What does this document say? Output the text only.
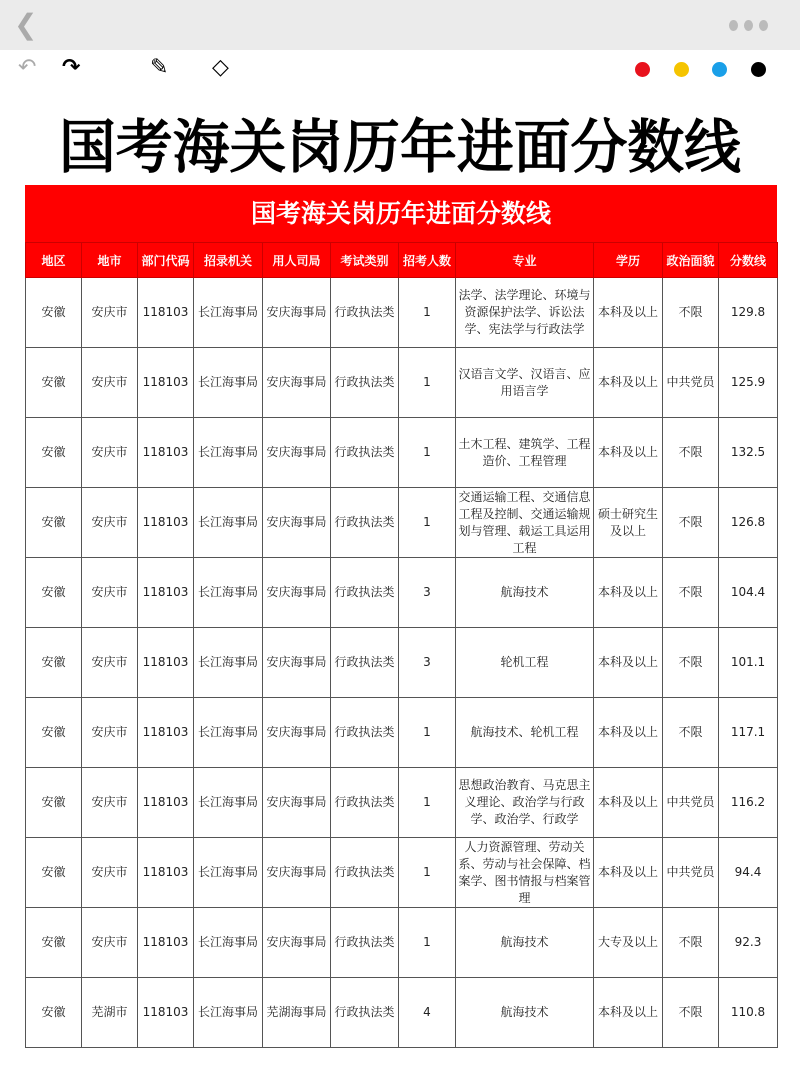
❮
↶ ↷	✎ ◇
国考海关岗历年进面分数线
国考海关岗历年进面分数线
地区	地市	部门代码	招录机关	用人司局	考试类别	招考人数	专业	学历	政治面貌	分数线
安徽	安庆市	118103	长江海事局	安庆海事局	行政执法类	1	法学、法学理论、环境与资源保护法学、诉讼法学、宪法学与行政法学	本科及以上	不限	129.8
安徽	安庆市	118103	长江海事局	安庆海事局	行政执法类	1	汉语言文学、汉语言、应用语言学	本科及以上	中共党员	125.9
安徽	安庆市	118103	长江海事局	安庆海事局	行政执法类	1	土木工程、建筑学、工程造价、工程管理	本科及以上	不限	132.5
安徽	安庆市	118103	长江海事局	安庆海事局	行政执法类	1	交通运输工程、交通信息工程及控制、交通运输规划与管理、载运工具运用工程	硕士研究生及以上	不限	126.8
安徽	安庆市	118103	长江海事局	安庆海事局	行政执法类	3	航海技术	本科及以上	不限	104.4
安徽	安庆市	118103	长江海事局	安庆海事局	行政执法类	3	轮机工程	本科及以上	不限	101.1
安徽	安庆市	118103	长江海事局	安庆海事局	行政执法类	1	航海技术、轮机工程	本科及以上	不限	117.1
安徽	安庆市	118103	长江海事局	安庆海事局	行政执法类	1	思想政治教育、马克思主义理论、政治学与行政学、政治学、行政学	本科及以上	中共党员	116.2
安徽	安庆市	118103	长江海事局	安庆海事局	行政执法类	1	人力资源管理、劳动关系、劳动与社会保障、档案学、图书情报与档案管理	本科及以上	中共党员	94.4
安徽	安庆市	118103	长江海事局	安庆海事局	行政执法类	1	航海技术	大专及以上	不限	92.3
安徽	芜湖市	118103	长江海事局	芜湖海事局	行政执法类	4	航海技术	本科及以上	不限	110.8
